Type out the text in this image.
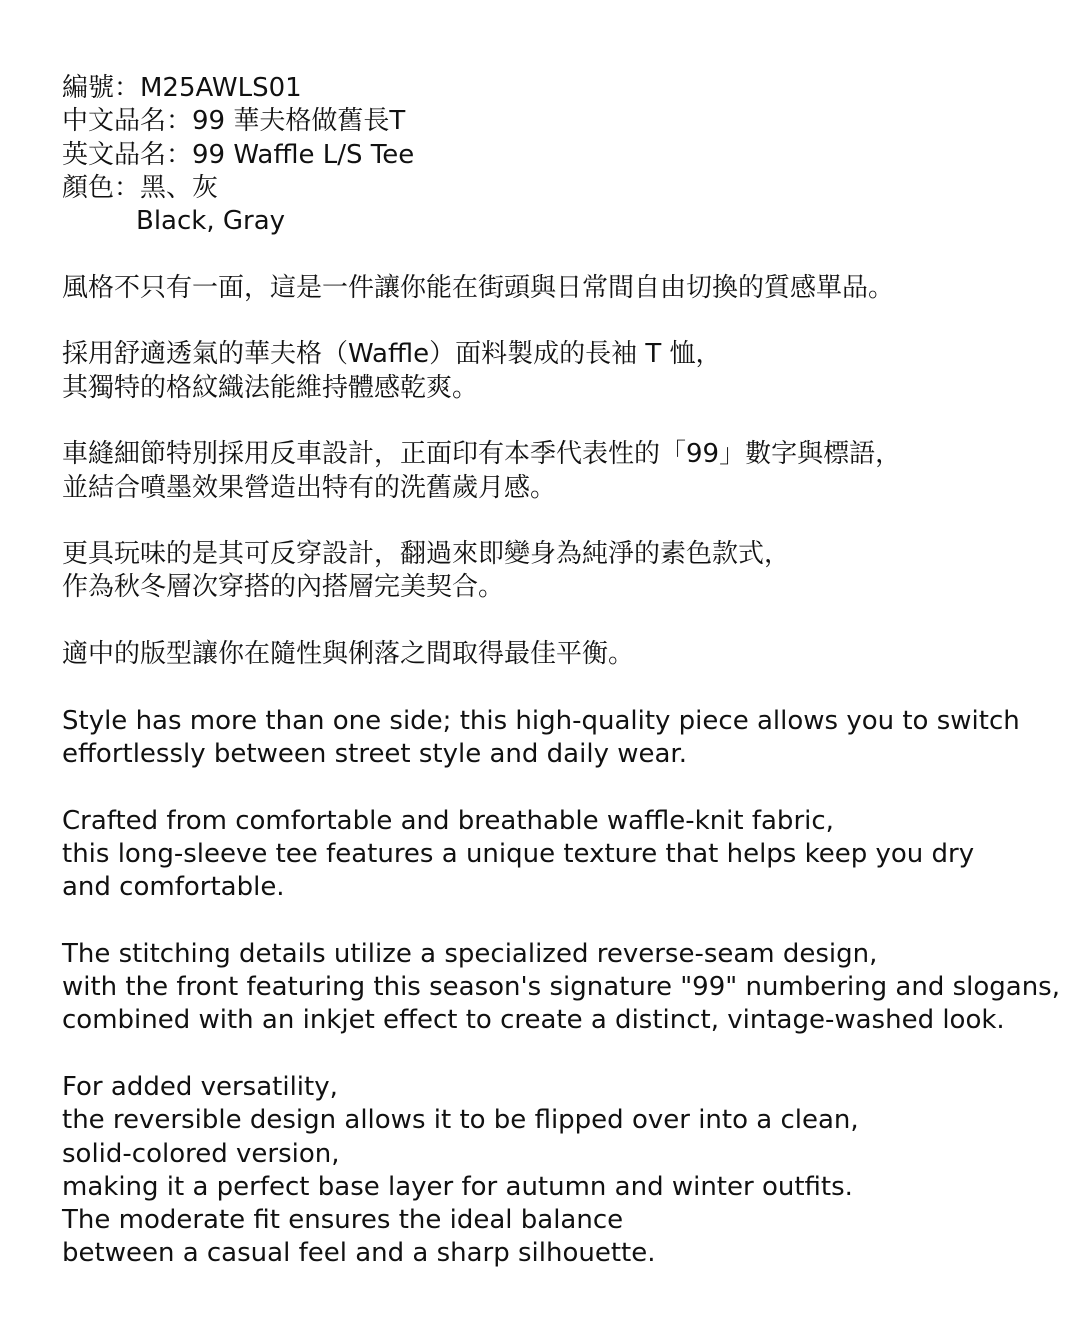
編號：M25AWLS01
中文品名：99 華夫格做舊長T
英文品名：99 Waffle L/S Tee
顏色：黑、灰
Black, Gray
風格不只有一面，這是一件讓你能在街頭與日常間自由切換的質感單品。
採用舒適透氣的華夫格（Waffle）面料製成的長袖 T 恤，
其獨特的格紋織法能維持體感乾爽。
車縫細節特別採用反車設計，正面印有本季代表性的「99」數字與標語，
並結合噴墨效果營造出特有的洗舊歲月感。
更具玩味的是其可反穿設計，翻過來即變身為純淨的素色款式，
作為秋冬層次穿搭的內搭層完美契合。
適中的版型讓你在隨性與俐落之間取得最佳平衡。
Style has more than one side; this high-quality piece allows you to switch
effortlessly between street style and daily wear.
Crafted from comfortable and breathable waffle-knit fabric,
this long-sleeve tee features a unique texture that helps keep you dry
and comfortable.
The stitching details utilize a specialized reverse-seam design,
with the front featuring this season's signature "99" numbering and slogans,
combined with an inkjet effect to create a distinct, vintage-washed look.
For added versatility,
the reversible design allows it to be flipped over into a clean,
solid-colored version,
making it a perfect base layer for autumn and winter outfits.
The moderate fit ensures the ideal balance
between a casual feel and a sharp silhouette.
